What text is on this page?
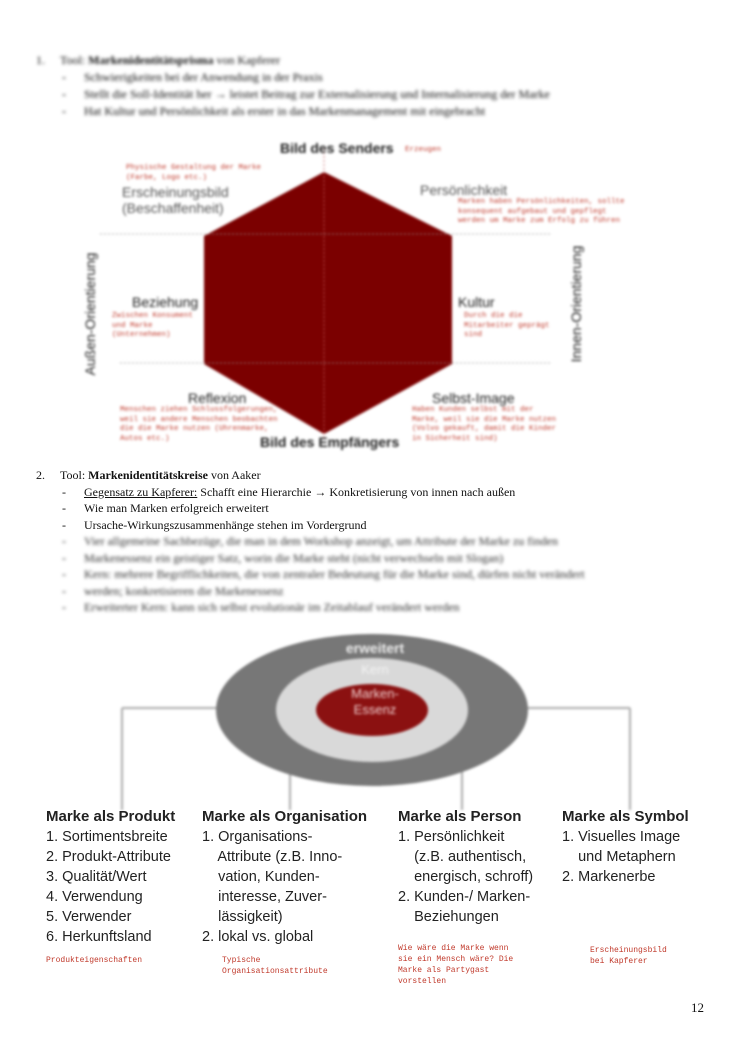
1. Tool: Markenidentitätsprisma von Kapferer
- Schwierigkeiten bei der Anwendung in der Praxis
- Stellt die Soll-Identität her → leistet Beitrag zur Externalisierung und Internalisierung der Marke
- Hat Kultur und Persönlichkeit als erster in das Markenmanagement mit eingebracht
Bild des Senders Erzeugen
Physische Gestaltung der Marke
(Farbe, Logo etc.)
Erscheinungsbild
(Beschaffenheit)
Persönlichkeit
Marken haben Persönlichkeiten, sollte
konsequent aufgebaut und gepflegt
werden um Marke zum Erfolg zu führen
Außen-Orientierung	Innen-Orientierung
Beziehung
Zwischen Konsument
und Marke
(Unternehmen)
Kultur
Durch die die
Mitarbeiter geprägt
sind
Reflexion
Menschen ziehen Schlussfolgerungen,
weil sie andere Menschen beobachten
die die Marke nutzen (Uhrenmarke,
Autos etc.)
Selbst-Image
Haben Kunden selbst mit der
Marke, weil sie die Marke nutzen
(Volvo gekauft, damit die Kinder
in Sicherheit sind)
Bild des Empfängers
2. Tool: Markenidentitätskreise von Aaker
- Gegensatz zu Kapferer: Schafft eine Hierarchie → Konkretisierung von innen nach außen
- Wie man Marken erfolgreich erweitert
- Ursache-Wirkungszusammenhänge stehen im Vordergrund
- Vier allgemeine Sachbezüge, die man in dem Workshop anzeigt, um Attribute der Marke zu finden
- Markenessenz ein geistiger Satz, worin die Marke steht (nicht verwechseln mit Slogan)
- Kern: mehrere Begrifflichkeiten, die von zentraler Bedeutung für die Marke sind, dürfen nicht verändert
- werden; konkretisieren die Markenessenz
- Erweiterter Kern: kann sich selbst evolutionär im Zeitablauf verändert werden
erweitert
Kern
Marken-
Essenz
Marke als Produkt
1. Sortimentsbreite
2. Produkt-Attribute
3. Qualität/Wert
4. Verwendung
5. Verwender
6. Herkunftsland
Produkteigenschaften
Marke als Organisation
1. Organisations-
Attribute (z.B. Inno-
vation, Kunden-
interesse, Zuver-
lässigkeit)
2. lokal vs. global
Typische
Organisationsattribute
Marke als Person
1. Persönlichkeit
(z.B. authentisch,
energisch, schroff)
2. Kunden-/ Marken-
Beziehungen
Wie wäre die Marke wenn
sie ein Mensch wäre? Die
Marke als Partygast
vorstellen
Marke als Symbol
1. Visuelles Image
und Metaphern
2. Markenerbe
Erscheinungsbild
bei Kapferer
12
